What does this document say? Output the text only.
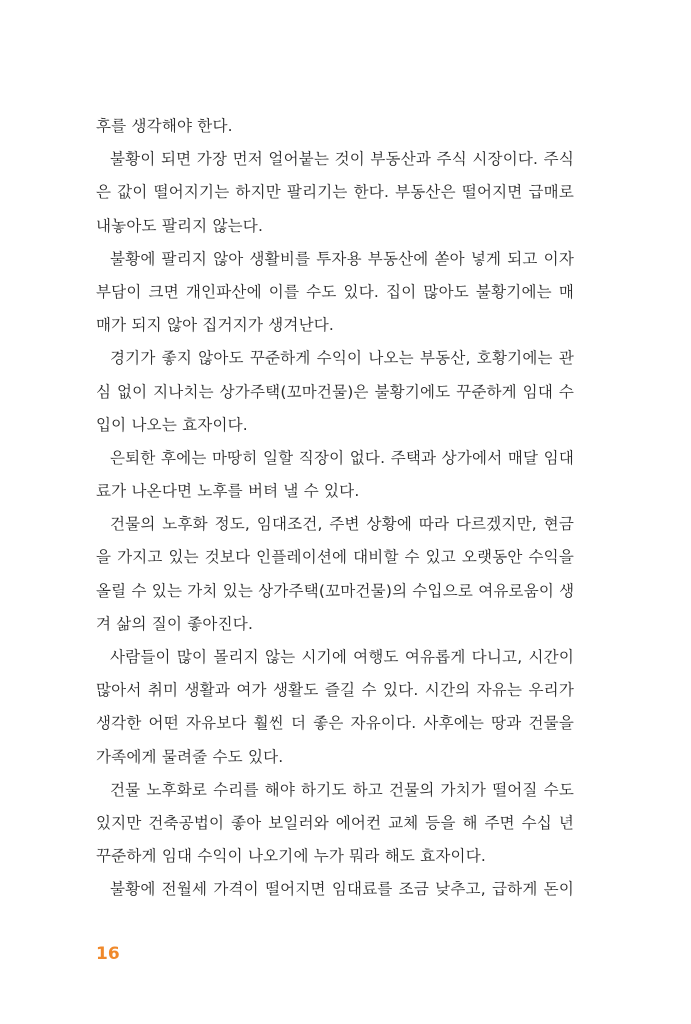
후를 생각해야 한다.
불황이 되면 가장 먼저 얼어붙는 것이 부동산과 주식 시장이다. 주식
은 값이 떨어지기는 하지만 팔리기는 한다. 부동산은 떨어지면 급매로
내놓아도 팔리지 않는다.
불황에 팔리지 않아 생활비를 투자용 부동산에 쏟아 넣게 되고 이자
부담이 크면 개인파산에 이를 수도 있다. 집이 많아도 불황기에는 매
매가 되지 않아 집거지가 생겨난다.
경기가 좋지 않아도 꾸준하게 수익이 나오는 부동산, 호황기에는 관
심 없이 지나치는 상가주택(꼬마건물)은 불황기에도 꾸준하게 임대 수
입이 나오는 효자이다.
은퇴한 후에는 마땅히 일할 직장이 없다. 주택과 상가에서 매달 임대
료가 나온다면 노후를 버텨 낼 수 있다.
건물의 노후화 정도, 임대조건, 주변 상황에 따라 다르겠지만, 현금
을 가지고 있는 것보다 인플레이션에 대비할 수 있고 오랫동안 수익을
올릴 수 있는 가치 있는 상가주택(꼬마건물)의 수입으로 여유로움이 생
겨 삶의 질이 좋아진다.
사람들이 많이 몰리지 않는 시기에 여행도 여유롭게 다니고, 시간이
많아서 취미 생활과 여가 생활도 즐길 수 있다. 시간의 자유는 우리가
생각한 어떤 자유보다 훨씬 더 좋은 자유이다. 사후에는 땅과 건물을
가족에게 물려줄 수도 있다.
건물 노후화로 수리를 해야 하기도 하고 건물의 가치가 떨어질 수도
있지만 건축공법이 좋아 보일러와 에어컨 교체 등을 해 주면 수십 년
꾸준하게 임대 수익이 나오기에 누가 뭐라 해도 효자이다.
불황에 전월세 가격이 떨어지면 임대료를 조금 낮추고, 급하게 돈이
16
